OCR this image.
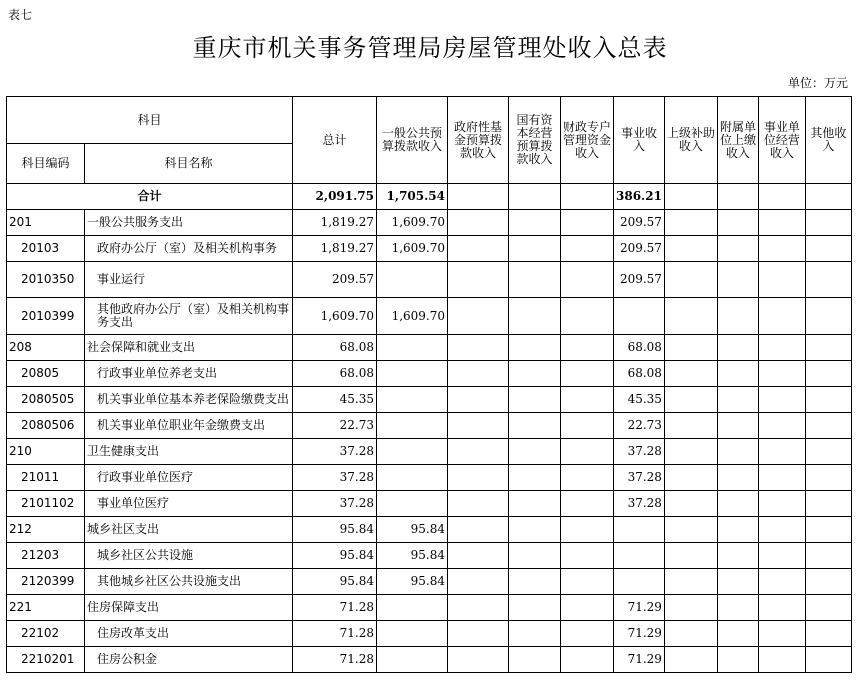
表七
重庆市机关事务管理局房屋管理处收入总表
单位：万元
科目		总计	一般公共预算拨款收入	政府性基金预算拨款收入	国有资本经营预算拨款收入	财政专户管理资金收入	事业收入	上级补助收入	附属单位上缴收入	事业单位经营收入	其他收入
科目编码	科目名称										
合计		2,091.75	1,705.54				386.21				
201	一般公共服务支出	1,819.27	1,609.70				209.57				
20103	政府办公厅（室）及相关机构事务	1,819.27	1,609.70				209.57				
2010350	事业运行	209.57					209.57				
2010399	其他政府办公厅（室）及相关机构事务支出	1,609.70	1,609.70								
208	社会保障和就业支出	68.08					68.08				
20805	行政事业单位养老支出	68.08					68.08				
2080505	机关事业单位基本养老保险缴费支出	45.35					45.35				
2080506	机关事业单位职业年金缴费支出	22.73					22.73				
210	卫生健康支出	37.28					37.28				
21011	行政事业单位医疗	37.28					37.28				
2101102	事业单位医疗	37.28					37.28				
212	城乡社区支出	95.84	95.84								
21203	城乡社区公共设施	95.84	95.84								
2120399	其他城乡社区公共设施支出	95.84	95.84								
221	住房保障支出	71.28					71.29				
22102	住房改革支出	71.28					71.29				
2210201	住房公积金	71.28					71.29				
